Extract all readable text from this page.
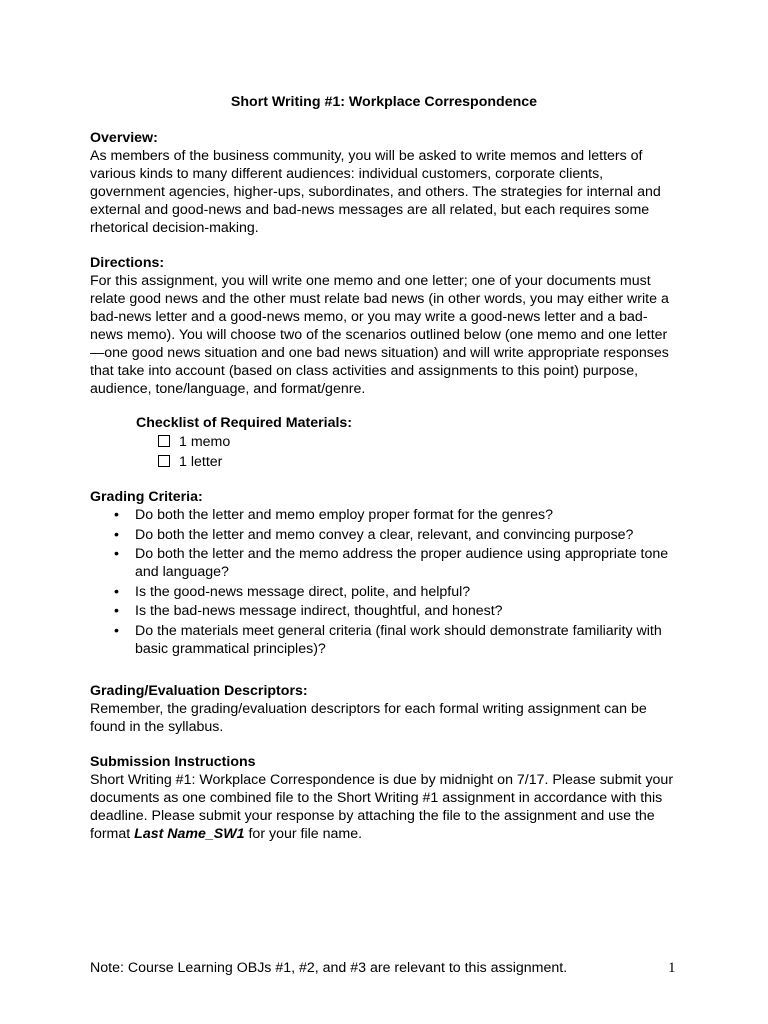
Short Writing #1: Workplace Correspondence

Overview:

As members of the business community, you will be asked to write memos and letters of various kinds to many different audiences: individual customers, corporate clients, government agencies, higher-ups, subordinates, and others. The strategies for internal and external and good-news and bad-news messages are all related, but each requires some rhetorical decision-making.

Directions:

For this assignment, you will write one memo and one letter; one of your documents must relate good news and the other must relate bad news (in other words, you may either write a bad-news letter and a good-news memo, or you may write a good-news letter and a bad-news memo). You will choose two of the scenarios outlined below (one memo and one letter—one good news situation and one bad news situation) and will write appropriate responses that take into account (based on class activities and assignments to this point) purpose, audience, tone/language, and format/genre.

Checklist of Required Materials:

1 memo
1 letter

Grading Criteria:

• Do both the letter and memo employ proper format for the genres?
• Do both the letter and memo convey a clear, relevant, and convincing purpose?
• Do both the letter and the memo address the proper audience using appropriate tone and language?
• Is the good-news message direct, polite, and helpful?
• Is the bad-news message indirect, thoughtful, and honest?
• Do the materials meet general criteria (final work should demonstrate familiarity with basic grammatical principles)?

Grading/Evaluation Descriptors:

Remember, the grading/evaluation descriptors for each formal writing assignment can be found in the syllabus.

Submission Instructions

Short Writing #1: Workplace Correspondence is due by midnight on 7/17. Please submit your documents as one combined file to the Short Writing #1 assignment in accordance with this deadline. Please submit your response by attaching the file to the assignment and use the format Last Name_SW1 for your file name.

Note: Course Learning OBJs #1, #2, and #3 are relevant to this assignment.	1
